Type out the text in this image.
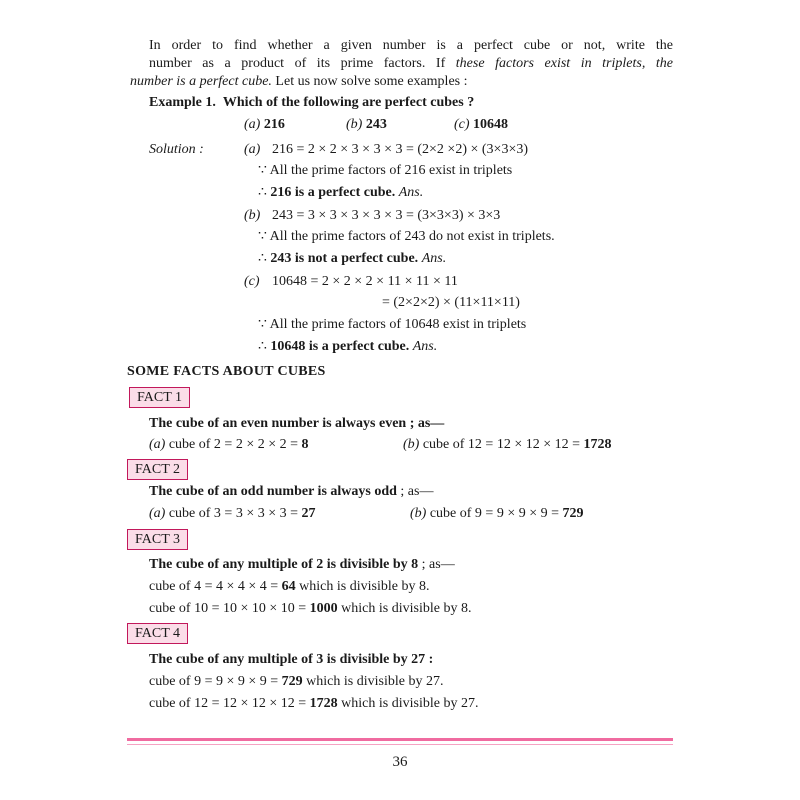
In order to find whether a given number is a perfect cube or not, write the
number as a product of its prime factors. If these factors exist in triplets, the
number is a perfect cube. Let us now solve some examples :
Example 1. Which of the following are perfect cubes ?
(a) 216	(b) 243	(c) 10648
Solution :	(a) 216 = 2 × 2 × 3 × 3 × 3 = (2×2 ×2) × (3×3×3)
∵ All the prime factors of 216 exist in triplets
∴ 216 is a perfect cube. Ans.
(b) 243 = 3 × 3 × 3 × 3 × 3 = (3×3×3) × 3×3
∵ All the prime factors of 243 do not exist in triplets.
∴ 243 is not a perfect cube. Ans.
(c) 10648 = 2 × 2 × 2 × 11 × 11 × 11
= (2×2×2) × (11×11×11)
∵ All the prime factors of 10648 exist in triplets
∴ 10648 is a perfect cube. Ans.
SOME FACTS ABOUT CUBES
FACT 1
The cube of an even number is always even ; as—
(a) cube of 2 = 2 × 2 × 2 = 8	(b) cube of 12 = 12 × 12 × 12 = 1728
FACT 2
The cube of an odd number is always odd ; as—
(a) cube of 3 = 3 × 3 × 3 = 27	(b) cube of 9 = 9 × 9 × 9 = 729
FACT 3
The cube of any multiple of 2 is divisible by 8 ; as—
cube of 4 = 4 × 4 × 4 = 64 which is divisible by 8.
cube of 10 = 10 × 10 × 10 = 1000 which is divisible by 8.
FACT 4
The cube of any multiple of 3 is divisible by 27 :
cube of 9 = 9 × 9 × 9 = 729 which is divisible by 27.
cube of 12 = 12 × 12 × 12 = 1728 which is divisible by 27.
36
